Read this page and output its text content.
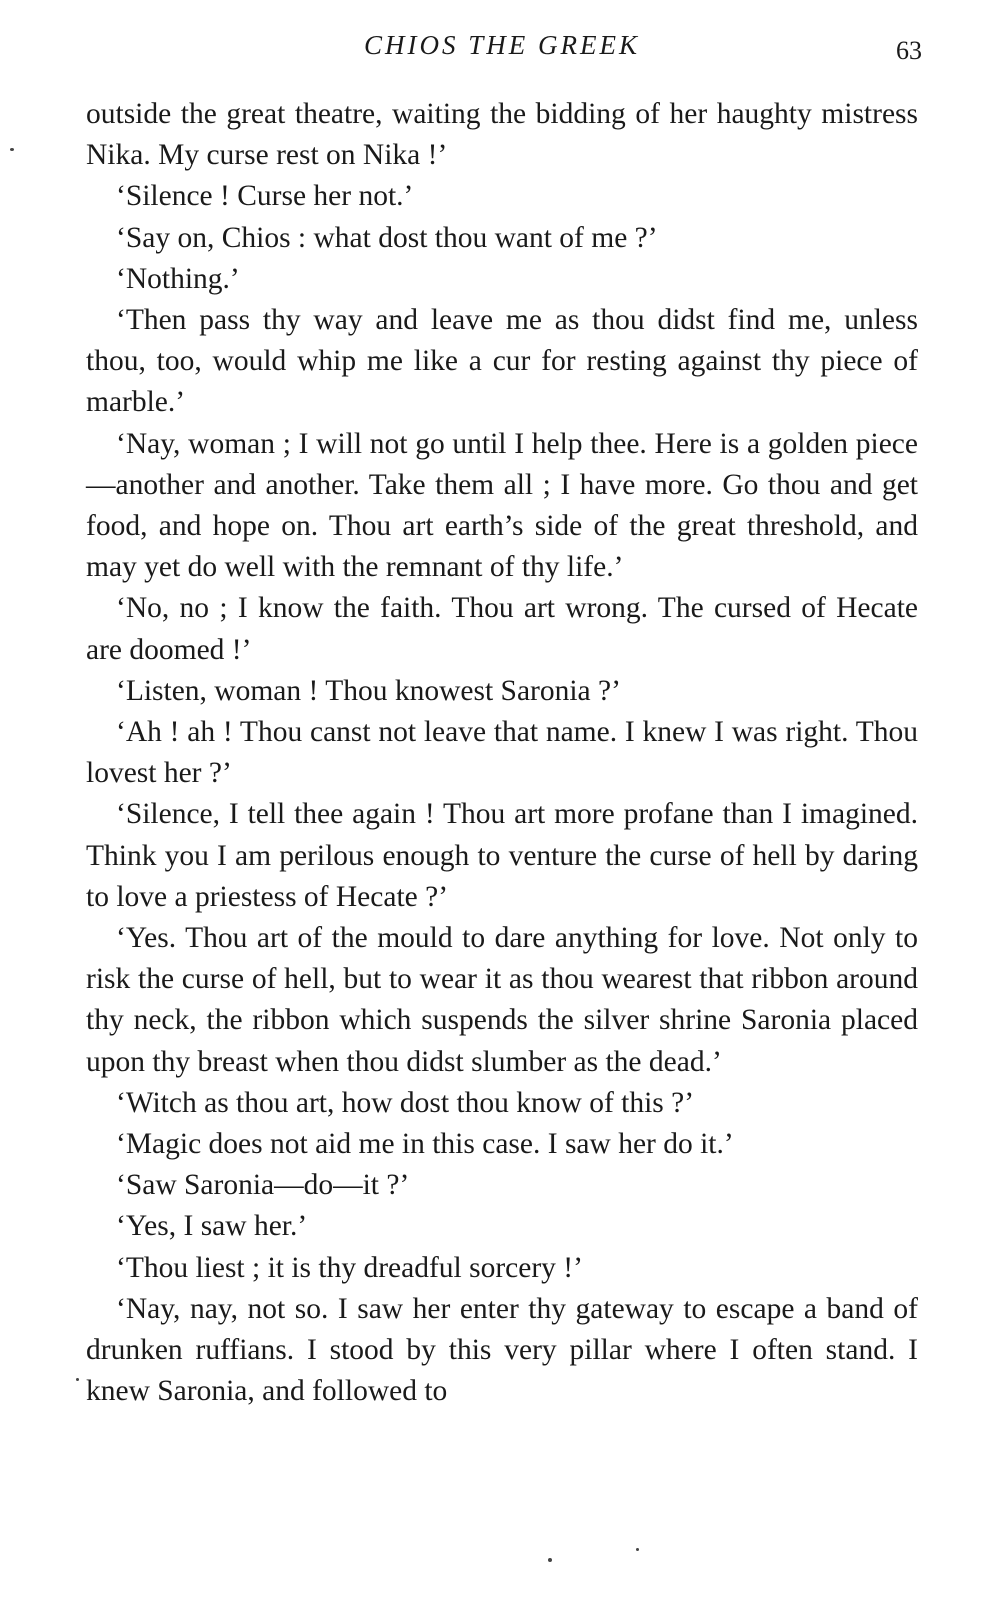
CHIOS THE GREEK	63

outside the great theatre, waiting the bidding of her haughty mistress Nika. My curse rest on Nika !’

‘Silence ! Curse her not.’

‘Say on, Chios : what dost thou want of me ?’

‘Nothing.’

‘Then pass thy way and leave me as thou didst find me, unless thou, too, would whip me like a cur for resting against thy piece of marble.’

‘Nay, woman ; I will not go until I help thee. Here is a golden piece—another and another. Take them all ; I have more. Go thou and get food, and hope on. Thou art earth’s side of the great threshold, and may yet do well with the remnant of thy life.’

‘No, no ; I know the faith. Thou art wrong. The cursed of Hecate are doomed !’

‘Listen, woman ! Thou knowest Saronia ?’

‘Ah ! ah ! Thou canst not leave that name. I knew I was right. Thou lovest her ?’

‘Silence, I tell thee again ! Thou art more profane than I imagined. Think you I am perilous enough to venture the curse of hell by daring to love a priestess of Hecate ?’

‘Yes. Thou art of the mould to dare anything for love. Not only to risk the curse of hell, but to wear it as thou wearest that ribbon around thy neck, the ribbon which suspends the silver shrine Saronia placed upon thy breast when thou didst slumber as the dead.’

‘Witch as thou art, how dost thou know of this ?’

‘Magic does not aid me in this case. I saw her do it.’

‘Saw Saronia—do—it ?’

‘Yes, I saw her.’

‘Thou liest ; it is thy dreadful sorcery !’

‘Nay, nay, not so. I saw her enter thy gateway to escape a band of drunken ruffians. I stood by this very pillar where I often stand. I knew Saronia, and followed to
